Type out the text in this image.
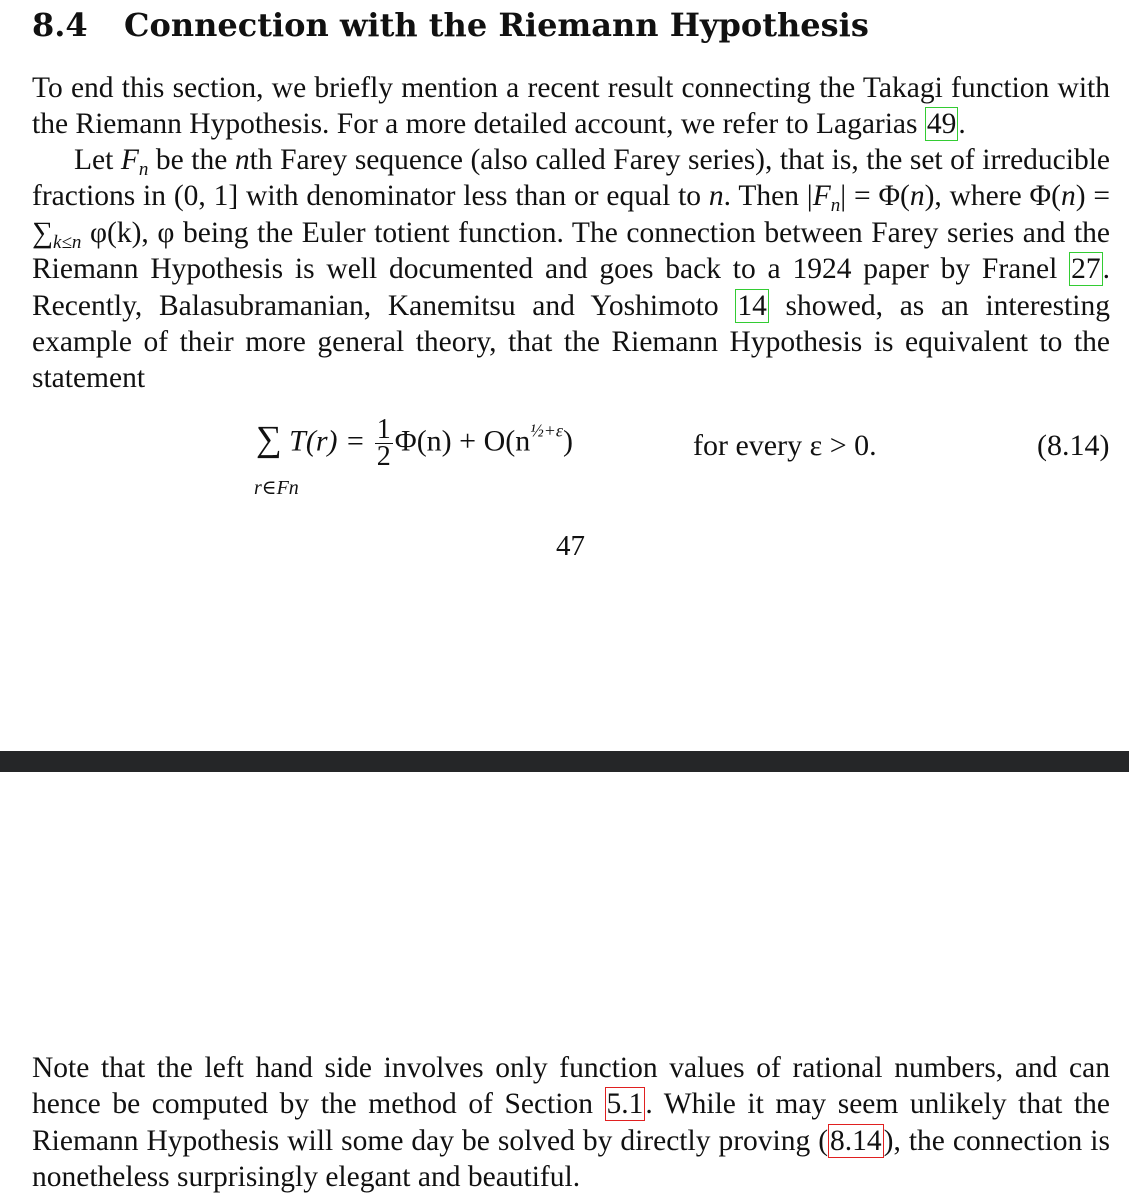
8.4 Connection with the Riemann Hypothesis
To end this section, we briefly mention a recent result connecting the Takagi function with the Riemann Hypothesis. For a more detailed account, we refer to Lagarias 49.
Let $F_n$ be the nth Farey sequence (also called Farey series), that is, the set of irreducible fractions in (0, 1] with denominator less than or equal to n. Then $|F_n| = \Phi(n)$, where $\Phi(n) = \sum_{k\le n}$ φ(k), φ being the Euler totient function. The connection between Farey series and the Riemann Hypothesis is well documented and goes back to a 1924 paper by Franel 27. Recently, Balasubramanian, Kanemitsu and Yoshimoto 14 showed, as an interesting example of their more general theory, that the Riemann Hypothesis is equivalent to the statement
∑ $T(r) = \frac{1}{2} \Phi(n) + O(n^{\frac{1}{2}+\varepsilon})$
r∈Fn
for every ε > 0.	(8.14)
47
Note that the left hand side involves only function values of rational numbers, and can hence be computed by the method of Section 5.1. While it may seem unlikely that the Riemann Hypothesis will some day be solved by directly proving (8.14), the connection is nonetheless surprisingly elegant and beautiful.
